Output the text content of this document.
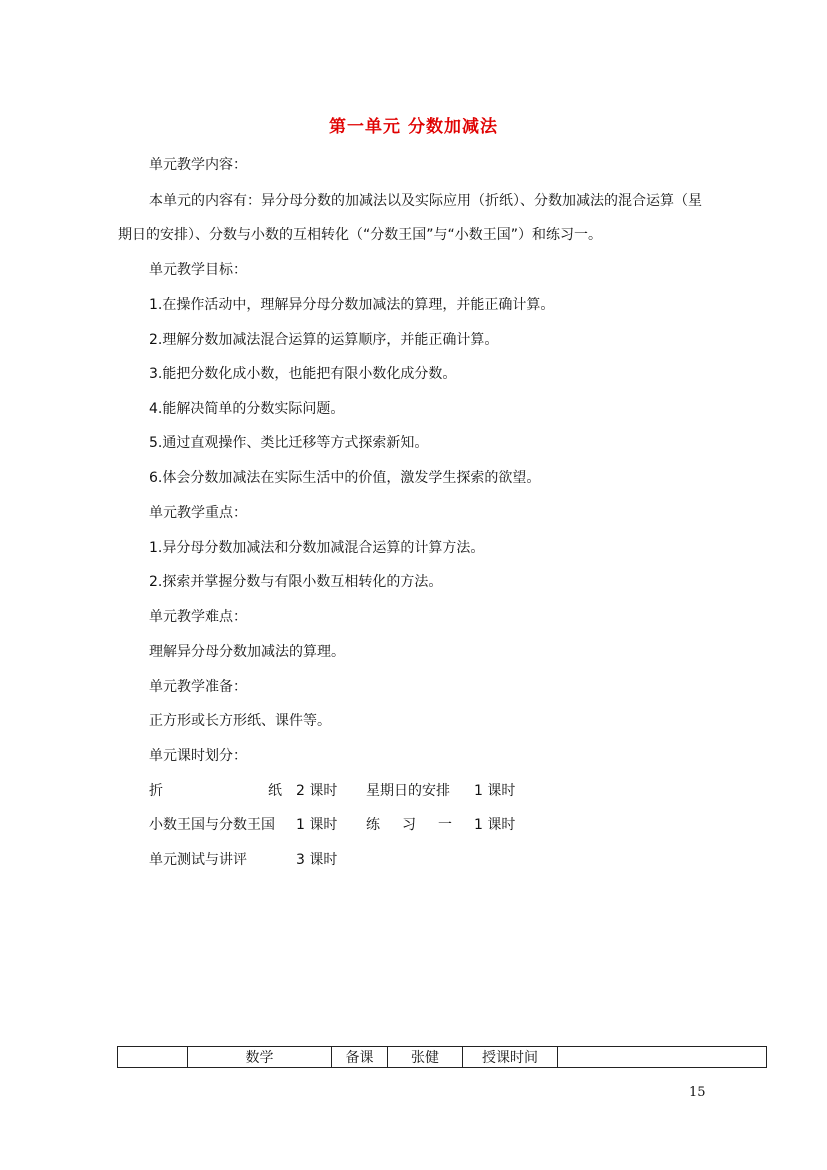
第一单元 分数加减法
单元教学内容：
本单元的内容有：异分母分数的加减法以及实际应用（折纸）、分数加减法的混合运算（星期日的安排）、分数与小数的互相转化（“分数王国”与“小数王国”）和练习一。
单元教学目标：
1.在操作活动中，理解异分母分数加减法的算理，并能正确计算。
2.理解分数加减法混合运算的运算顺序，并能正确计算。
3.能把分数化成小数，也能把有限小数化成分数。
4.能解决简单的分数实际问题。
5.通过直观操作、类比迁移等方式探索新知。
6.体会分数加减法在实际生活中的价值，激发学生探索的欲望。
单元教学重点：
1.异分母分数加减法和分数加减混合运算的计算方法。
2.探索并掌握分数与有限小数互相转化的方法。
单元教学难点：
理解异分母分数加减法的算理。
单元教学准备：
正方形或长方形纸、课件等。
单元课时划分：
折	纸 2 课时 星期日的安排 1 课时
小数王国与分数王国 1 课时 练 习 一 1 课时
单元测试与讲评	3 课时
	数学	备课	张健	授课时间	
15
